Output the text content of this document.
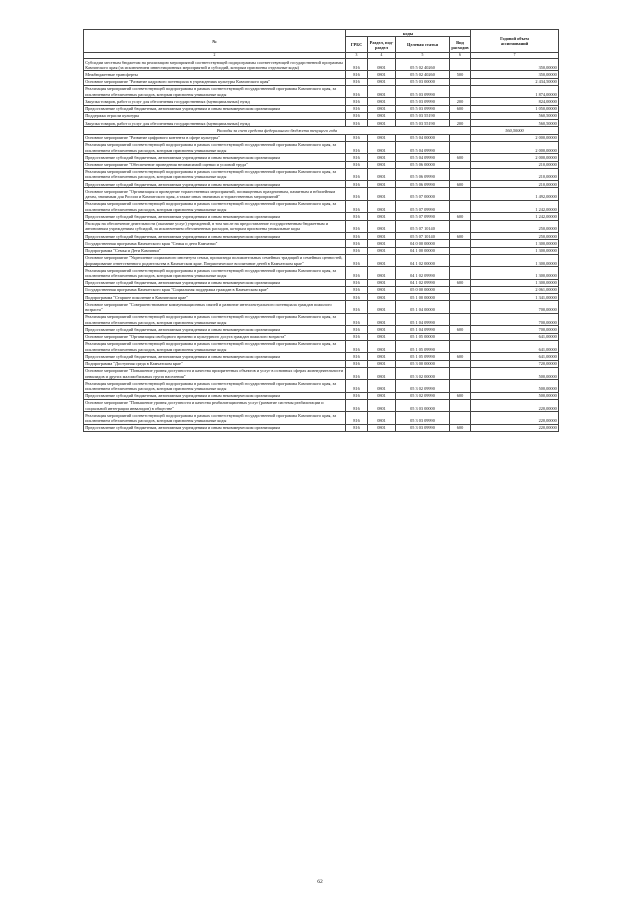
№	коды				Годовой объем
ассигнований
	ГРБС	Раздел, под-
раздел	Целевая статья	Вид
расходов	
2	3	4	5	6	7
Субсидии местным бюджетам на реализацию мероприятий соответствующей подпрограммы соответствующей государственной программы Камчатского края (за исключением инвестиционных мероприятий и субсидий, которым присвоены отдельные коды)	816	0801	05 5 02 40260		350,00000
Межбюджетные трансферты	816	0801	05 5 02 40260	500	350,00000
Основное мероприятие "Развитие кадрового потенциала в учреждениях культуры Камчатского края"	816	0801	05 5 03 00000		2 434,50000
Реализация мероприятий соответствующей подпрограммы в рамках соответствующей государственной программы Камчатского края, за исключением обезличенных расходов, которым присвоены уникальные коды	816	0801	05 5 03 09990		1 874,00000
Закупка товаров, работ и услуг для обеспечения государственных (муниципальных) нужд	816	0801	05 5 03 09990	200	824,00000
Предоставление субсидий бюджетным, автономным учреждениям и иным некоммерческим организациям	816	0801	05 5 03 09990	600	1 050,00000
Поддержка отрасли культуры	816	0801	05 5 03 55190		560,50000
Закупка товаров, работ и услуг для обеспечения государственных (муниципальных) нужд	816	0801	05 5 03 55190	200	560,50000
Расходы за счет средств федерального бюджета текущего года					560,50000
Основное мероприятие "Развитие цифрового контента в сфере культуры"	816	0801	05 5 04 00000		2 000,00000
Реализация мероприятий соответствующей подпрограммы в рамках соответствующей государственной программы Камчатского края, за исключением обезличенных расходов, которым присвоены уникальные коды	816	0801	05 5 04 09990		2 000,00000
Предоставление субсидий бюджетным, автономным учреждениям и иным некоммерческим организациям	816	0801	05 5 04 09990	600	2 000,00000
Основное мероприятие "Обеспечение проведения независимой оценки и условий труда"	816	0801	05 5 06 00000		210,00000
Реализация мероприятий соответствующей подпрограммы в рамках соответствующей государственной программы Камчатского края, за исключением обезличенных расходов, которым присвоены уникальные коды	816	0801	05 5 06 09990		210,00000
Предоставление субсидий бюджетным, автономным учреждениям и иным некоммерческим организациям	816	0801	05 5 06 09990	600	210,00000
Основное мероприятие "Организация и проведение торжественных мероприятий, посвященных праздничным, памятным и юбилейным датам, значимым для России и Камчатского края, а также иных значимых и торжественных мероприятий"	816	0801	05 5 07 00000		1 492,00000
Реализация мероприятий соответствующей подпрограммы в рамках соответствующей государственной программы Камчатского края, за исключением обезличенных расходов, которым присвоены уникальные коды	816	0801	05 5 07 09990		1 242,00000
Предоставление субсидий бюджетным, автономным учреждениям и иным некоммерческим организациям	816	0801	05 5 07 09990	600	1 242,00000
Расходы на обеспечение деятельности (оказание услуг) учреждений, в том числе на предоставление государственным бюджетным и автономным учреждениям субсидий, за исключением обезличенных расходов, которым присвоены уникальные коды	816	0801	05 5 07 10140		250,00000
Предоставление субсидий бюджетным, автономным учреждениям и иным некоммерческим организациям	816	0801	05 5 07 10140	600	250,00000
Государственная программа Камчатского края "Семья и дети Камчатки"	816	0801	04 0 00 00000		1 300,00000
Подпрограмма "Семья и Дети Камчатки"	816	0801	04 1 00 00000		1 300,00000
Основное мероприятие "Укрепление социального института семьи, пропаганда положительных семейных традиций и семейных ценностей, формирование ответственного родительства в Камчатском крае. Патриотическое воспитание детей в Камчатском крае"	816	0801	04 1 02 00000		1 300,00000
Реализация мероприятий соответствующей подпрограммы в рамках соответствующей государственной программы Камчатского края, за исключением обезличенных расходов, которым присвоены уникальные коды	816	0801	04 1 02 09990		1 300,00000
Предоставление субсидий бюджетным, автономным учреждениям и иным некоммерческим организациям	816	0801	04 1 02 09990	600	1 300,00000
Государственная программа Камчатского края "Социальная поддержка граждан в Камчатском крае"	816	0801	05 0 00 00000		2 061,00000
Подпрограмма "Старшее поколение в Камчатском крае"	816	0801	05 1 00 00000		1 341,00000
Основное мероприятие "Совершенствование коммуникационных связей и развитие интеллектуального потенциала граждан пожилого возраста"	816	0801	05 1 04 00000		700,00000
Реализация мероприятий соответствующей подпрограммы в рамках соответствующей государственной программы Камчатского края, за исключением обезличенных расходов, которым присвоены уникальные коды	816	0801	05 1 04 09990		700,00000
Предоставление субсидий бюджетным, автономным учреждениям и иным некоммерческим организациям	816	0801	05 1 04 09990	600	700,00000
Основное мероприятие "Организация свободного времени и культурного досуга граждан пожилого возраста"	816	0801	05 1 05 00000		641,00000
Реализация мероприятий соответствующей подпрограммы в рамках соответствующей государственной программы Камчатского края, за исключением обезличенных расходов, которым присвоены уникальные коды	816	0801	05 1 05 09990		641,00000
Предоставление субсидий бюджетным, автономным учреждениям и иным некоммерческим организациям	816	0801	05 1 05 09990	600	641,00000
Подпрограмма "Доступная среда в Камчатском крае"	816	0801	05 3 00 00000		720,00000
Основное мероприятие "Повышение уровня доступности и качества приоритетных объектов и услуг в основных сферах жизнедеятельности инвалидов и других маломобильных групп населения"	816	0801	05 3 02 00000		500,00000
Реализация мероприятий соответствующей подпрограммы в рамках соответствующей государственной программы Камчатского края, за исключением обезличенных расходов, которым присвоены уникальные коды	816	0801	05 3 02 09990		500,00000
Предоставление субсидий бюджетным, автономным учреждениям и иным некоммерческим организациям	816	0801	05 3 02 09990	600	500,00000
Основное мероприятие "Повышение уровня доступности и качества реабилитационных услуг (развитие системы реабилитации и социальной интеграции инвалидов) в обществе"	816	0801	05 3 03 00000		220,00000
Реализация мероприятий соответствующей подпрограммы в рамках соответствующей государственной программы Камчатского края, за исключением обезличенных расходов, которым присвоены уникальные коды	816	0801	05 3 03 09990		220,00000
Предоставление субсидий бюджетным, автономным учреждениям и иным некоммерческим организациям	816	0801	05 3 03 09990	600	220,00000
62
